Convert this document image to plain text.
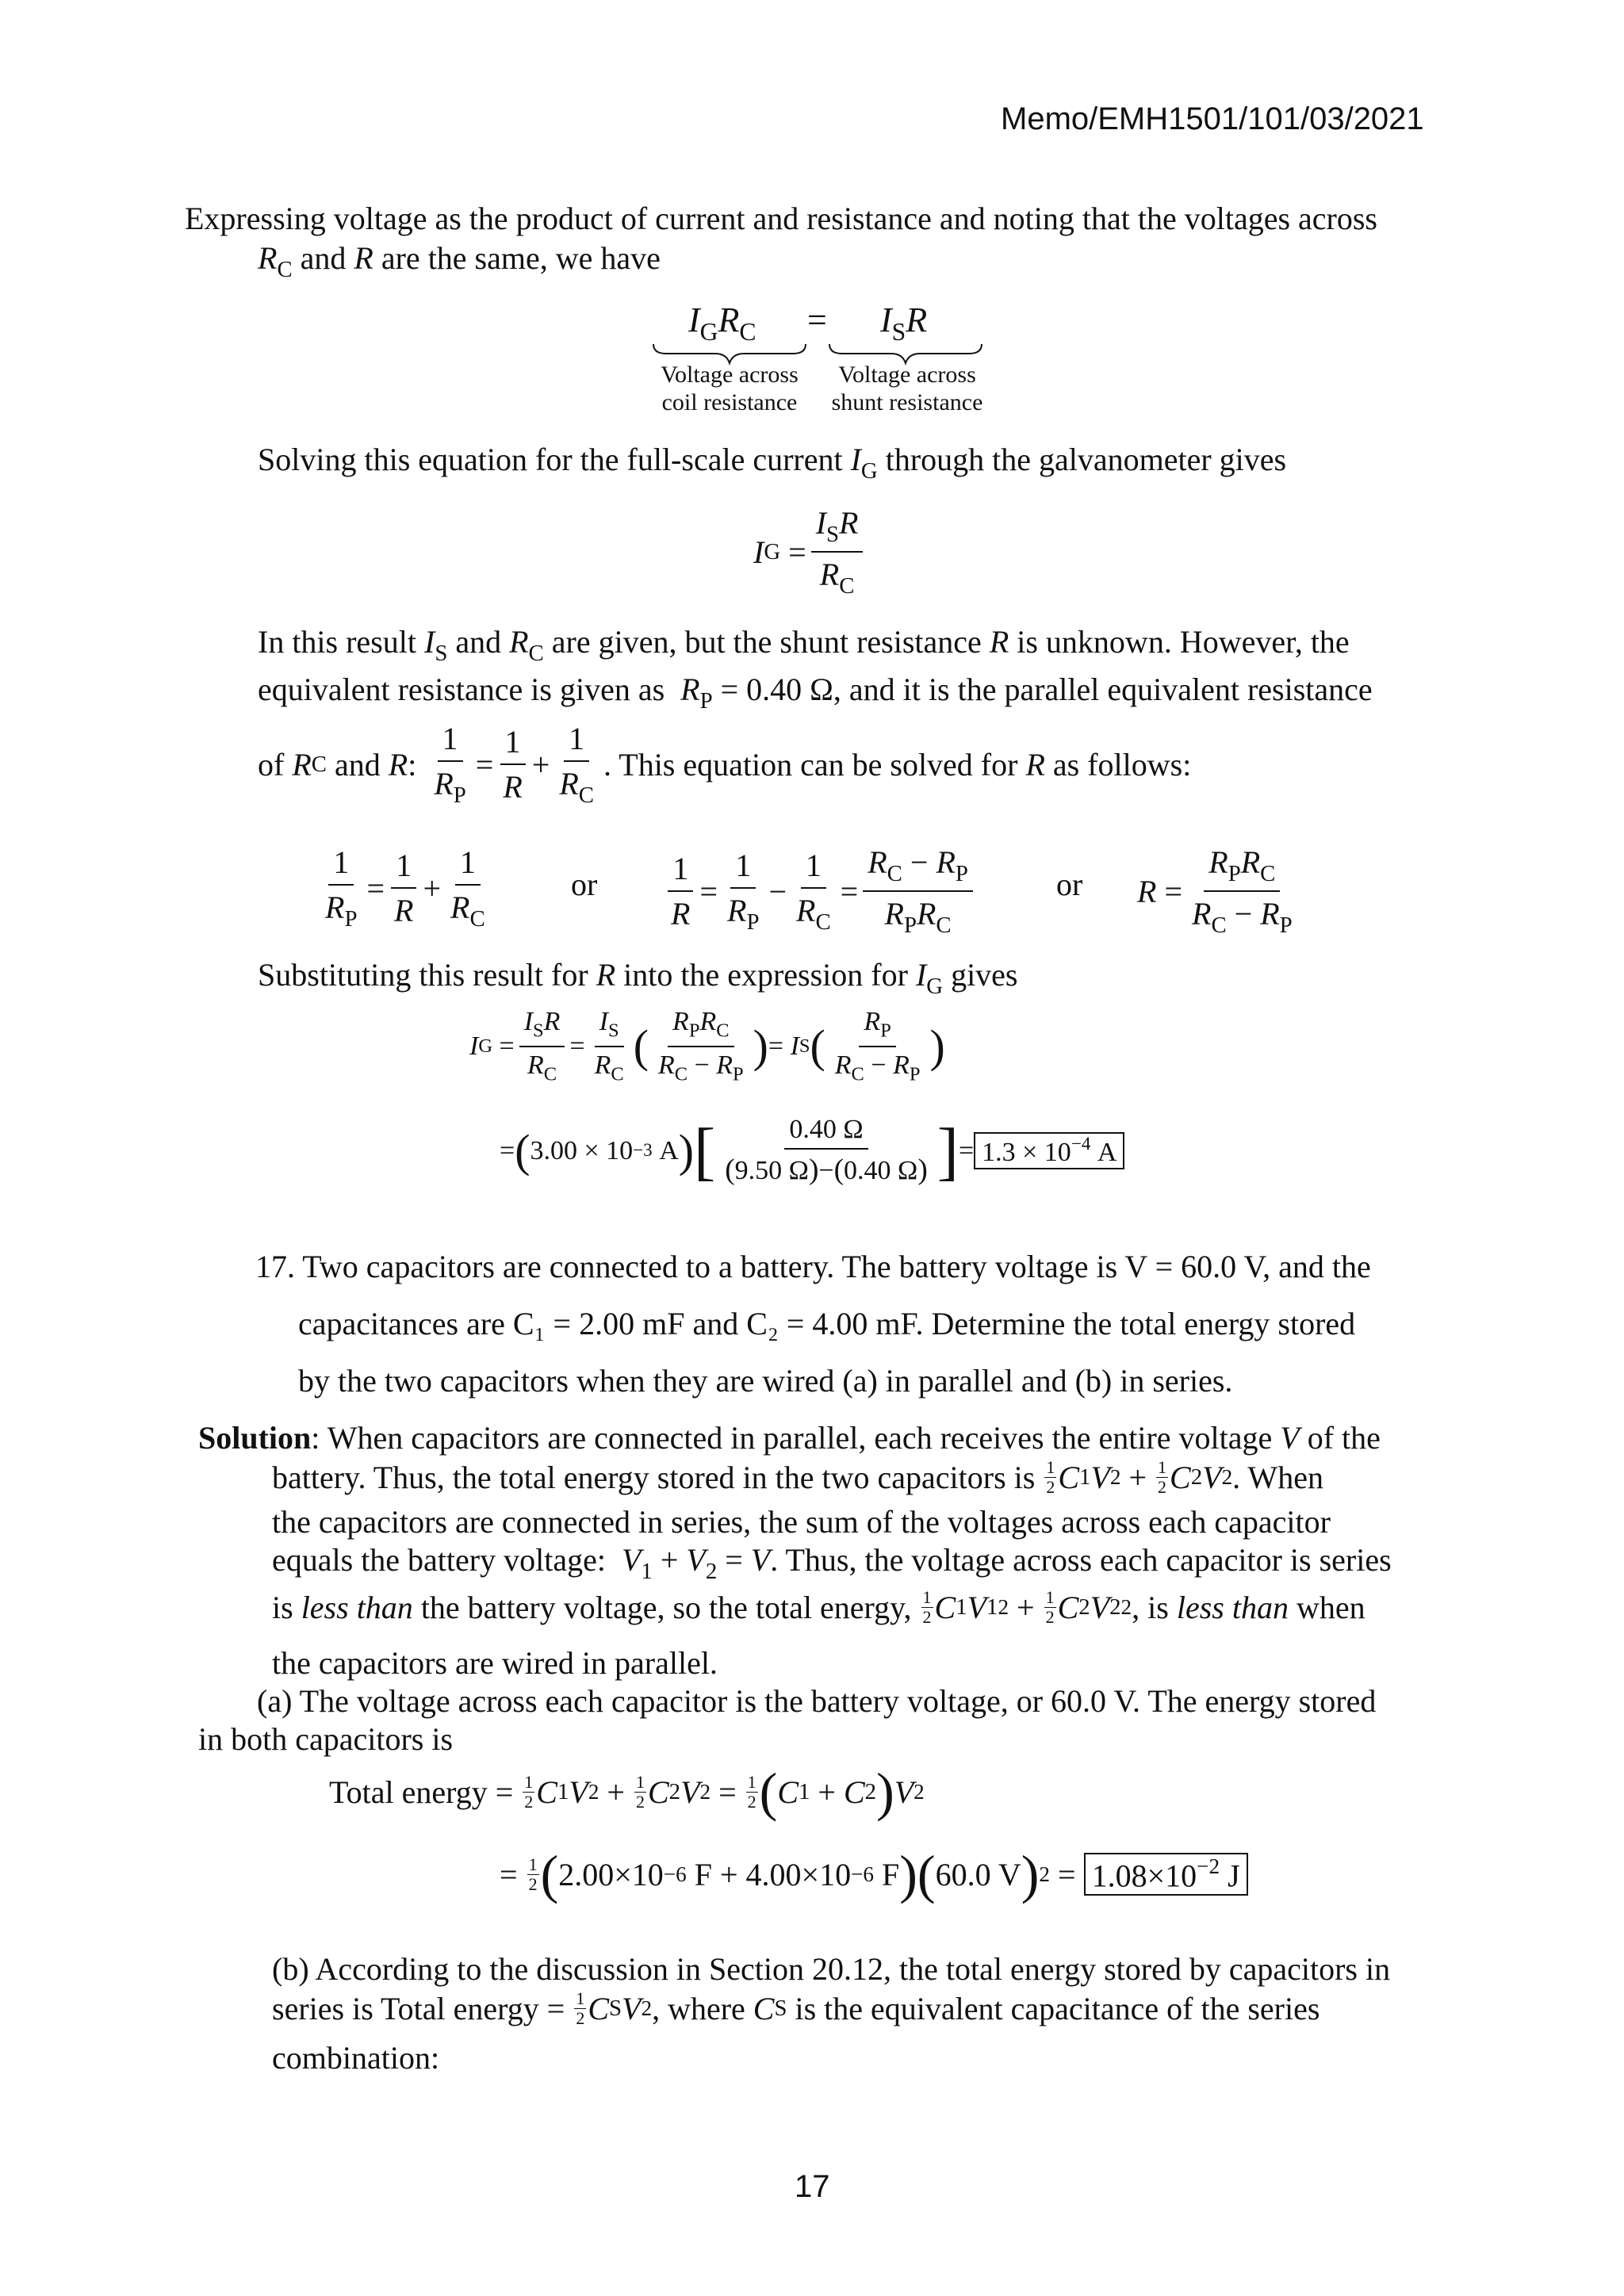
Memo/EMH1501/101/03/2021
Expressing voltage as the product of current and resistance and noting that the voltages across
$R_C$ and R are the same, we have
$I_GR_C = I_SR$
Voltage across
coil resistance
Voltage across
shunt resistance
Solving this equation for the full-scale current $I_G$ through the galvanometer gives
I $G = \frac{I_SR}{R_C}$
In this result $I_S$ and $R_C$ are given, but the shunt resistance R is unknown. However, the
equivalent resistance is given as $R_P = 0.40$ Ω, and it is the parallel equivalent resistance
of
R C
and
R : $\frac{1}{R_P} = \frac{1}{R} + \frac{1}{R_C}$ . This equation can be solved for
R
as follows:
$\frac{1}{R_P} = \frac{1}{R} + \frac{1}{R_C}$	or $\frac{1}{R} = \frac{1}{R_P} - \frac{1}{R_C} = \frac{R_C - R_P}{R_PR_C}$	or $R = \frac{R_PR_C}{R_C - R_P}$
Substituting this result for R into the expression for $I_G$ gives
I $G = \frac{I_SR}{R_C} = \frac{I_S}{R_C}$ ( $\frac{R_PR_C}{R_C - R_P}$ ) = I S ( $\frac{R_P}{R_C - R_P}$ )
= ( 3.00 × 10 −3
A ) [ $\frac{0.40 \Omega}{(9.50 \Omega)-(0.40 \Omega)}$ ] = $1.3 \times 10^{-4}$ A
17. Two capacitors are connected to a battery. The battery voltage is V = 60.0 V, and the
capacitances are C₁ = 2.00 mF and C₂ = 4.00 mF. Determine the total energy stored
by the two capacitors when they are wired (a) in parallel and (b) in series.
Solution: When capacitors are connected in parallel, each receives the entire voltage V of the
battery. Thus, the total energy stored in the two capacitors is
1
2 C 1 V 2 + 1
2 C 2 V 2 . When
the capacitors are connected in series, the sum of the voltages across each capacitor
equals the battery voltage: $V_1 + V_2 = V$. Thus, the voltage across each capacitor is series
is
less than
the battery voltage, so the total energy,
1
2 C 1 V 1 2 + 1
2 C 2 V 2 2 , is
less than
when
the capacitors are wired in parallel.
(a) The voltage across each capacitor is the battery voltage, or 60.0 V. The energy stored
in both capacitors is
Total energy = 1
2 C 1 V 2 + 1
2 C 2 V 2 = 1
2 ( C 1 + C 2 ) V 2
= 1
2 ( 2.00×10 −6
F + 4.00×10 −6
F )( 60.0 V ) $2 = 1.08\times 10^{-2}$ J
(b) According to the discussion in Section 20.12, the total energy stored by capacitors in
series is Total energy =
$\frac{1}{2}$ C S V 2 , where
C S
is the equivalent capacitance of the series
combination:
17
